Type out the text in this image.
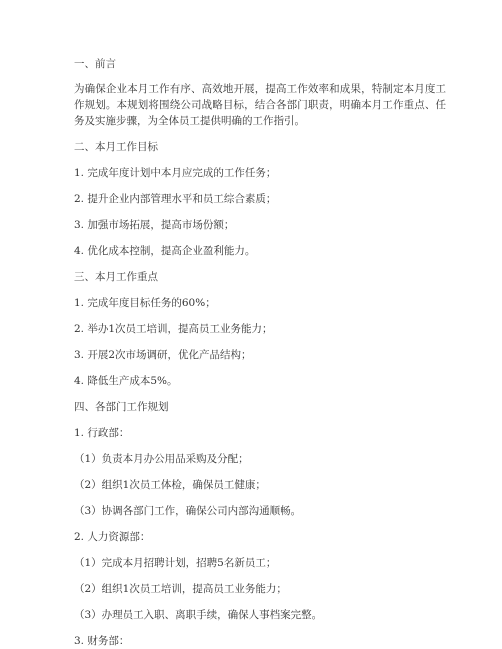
一、前言

为确保企业本月工作有序、高效地开展，提高工作效率和成果，特制定本月度工作规划。本规划将围绕公司战略目标，结合各部门职责，明确本月工作重点、任务及实施步骤，为全体员工提供明确的工作指引。

二、本月工作目标

1. 完成年度计划中本月应完成的工作任务；

2. 提升企业内部管理水平和员工综合素质；

3. 加强市场拓展，提高市场份额；

4. 优化成本控制，提高企业盈利能力。

三、本月工作重点

1. 完成年度目标任务的60%；

2. 举办1次员工培训，提高员工业务能力；

3. 开展2次市场调研，优化产品结构；

4. 降低生产成本5%。

四、各部门工作规划

1. 行政部：

（1）负责本月办公用品采购及分配；

（2）组织1次员工体检，确保员工健康；

（3）协调各部门工作，确保公司内部沟通顺畅。

2. 人力资源部：

（1）完成本月招聘计划，招聘5名新员工；

（2）组织1次员工培训，提高员工业务能力；

（3）办理员工入职、离职手续，确保人事档案完整。

3. 财务部：
